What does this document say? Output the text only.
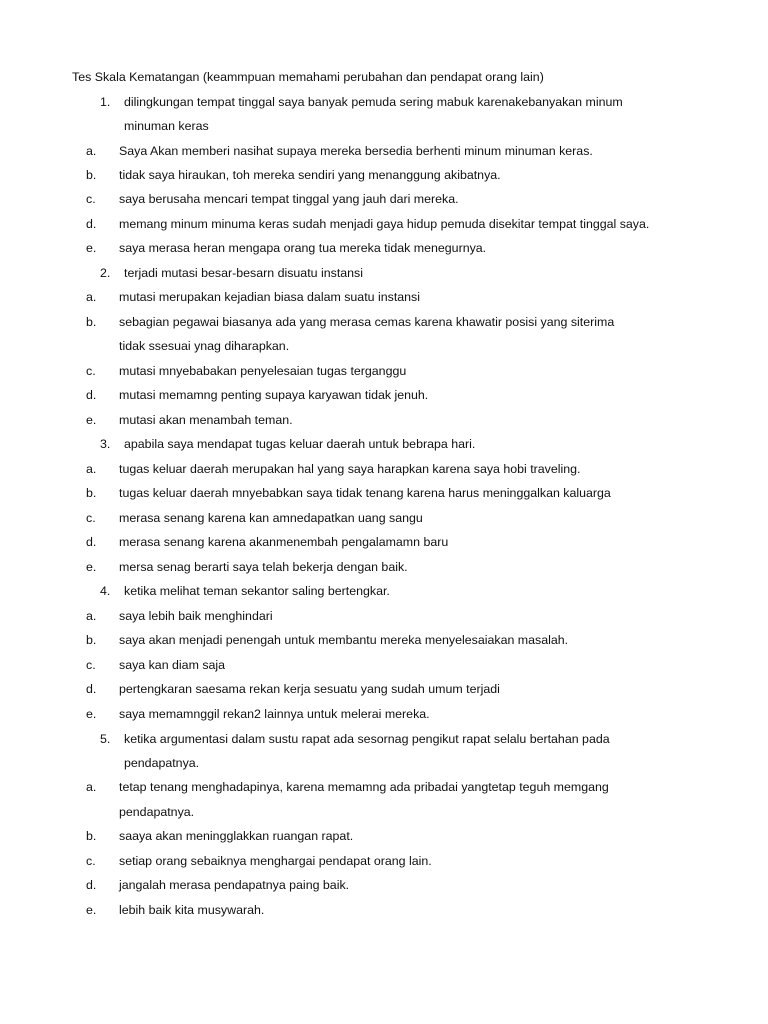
Tes Skala Kematangan (keammpuan memahami perubahan dan pendapat orang lain)
1. dilingkungan tempat tinggal saya banyak pemuda sering mabuk karenakebanyakan minum
minuman keras
a. Saya Akan memberi nasihat supaya mereka bersedia berhenti minum minuman keras.
b. tidak saya hiraukan, toh mereka sendiri yang menanggung akibatnya.
c. saya berusaha mencari tempat tinggal yang jauh dari mereka.
d. memang minum minuma keras sudah menjadi gaya hidup pemuda disekitar tempat tinggal saya.
e. saya merasa heran mengapa orang tua mereka tidak menegurnya.
2. terjadi mutasi besar-besarn disuatu instansi
a. mutasi merupakan kejadian biasa dalam suatu instansi
b. sebagian pegawai biasanya ada yang merasa cemas karena khawatir posisi yang siterima
tidak ssesuai ynag diharapkan.
c. mutasi mnyebabakan penyelesaian tugas terganggu
d. mutasi memamng penting supaya karyawan tidak jenuh.
e. mutasi akan menambah teman.
3. apabila saya mendapat tugas keluar daerah untuk bebrapa hari.
a. tugas keluar daerah merupakan hal yang saya harapkan karena saya hobi traveling.
b. tugas keluar daerah mnyebabkan saya tidak tenang karena harus meninggalkan kaluarga
c. merasa senang karena kan amnedapatkan uang sangu
d. merasa senang karena akanmenembah pengalamamn baru
e. mersa senag berarti saya telah bekerja dengan baik.
4. ketika melihat teman sekantor saling bertengkar.
a. saya lebih baik menghindari
b. saya akan menjadi penengah untuk membantu mereka menyelesaiakan masalah.
c. saya kan diam saja
d. pertengkaran saesama rekan kerja sesuatu yang sudah umum terjadi
e. saya memamnggil rekan2 lainnya untuk melerai mereka.
5. ketika argumentasi dalam sustu rapat ada sesornag pengikut rapat selalu bertahan pada
pendapatnya.
a. tetap tenang menghadapinya, karena memamng ada pribadai yangtetap teguh memgang
pendapatnya.
b. saaya akan meningglakkan ruangan rapat.
c. setiap orang sebaiknya menghargai pendapat orang lain.
d. jangalah merasa pendapatnya paing baik.
e. lebih baik kita musywarah.
